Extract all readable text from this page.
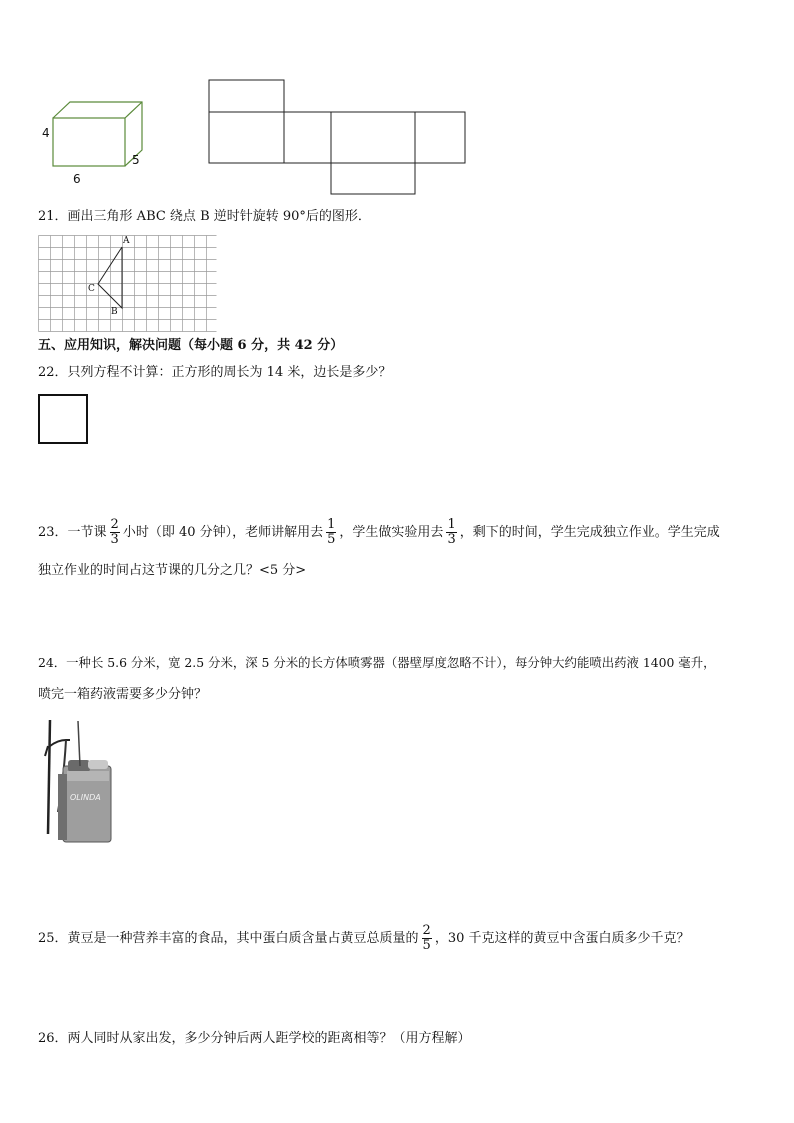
4
6
5
21．画出三角形 ABC 绕点 B 逆时针旋转 90°后的图形．
A
B
C
五、应用知识，解决问题（每小题 6 分，共 42 分）
22．只列方程不计算：正方形的周长为 14 米，边长是多少？
23．一节课 $\frac{2}{3}$ 小时（即 40 分钟），老师讲解用去 $\frac{1}{5}$ ，学生做实验用去 $\frac{1}{3}$ ，剩下的时间，学生完成独立作业。学生完成
独立作业的时间占这节课的几分之几？<5 分>
24．一种长 5.6 分米，宽 2.5 分米，深 5 分米的长方体喷雾器（器壁厚度忽略不计），每分钟大约能喷出药液 1400 毫升，
喷完一箱药液需要多少分钟？
OLINDA
25．黄豆是一种营养丰富的食品，其中蛋白质含量占黄豆总质量的 $\frac{2}{5}$ ，30 千克这样的黄豆中含蛋白质多少千克？
26．两人同时从家出发，多少分钟后两人距学校的距离相等？（用方程解）
